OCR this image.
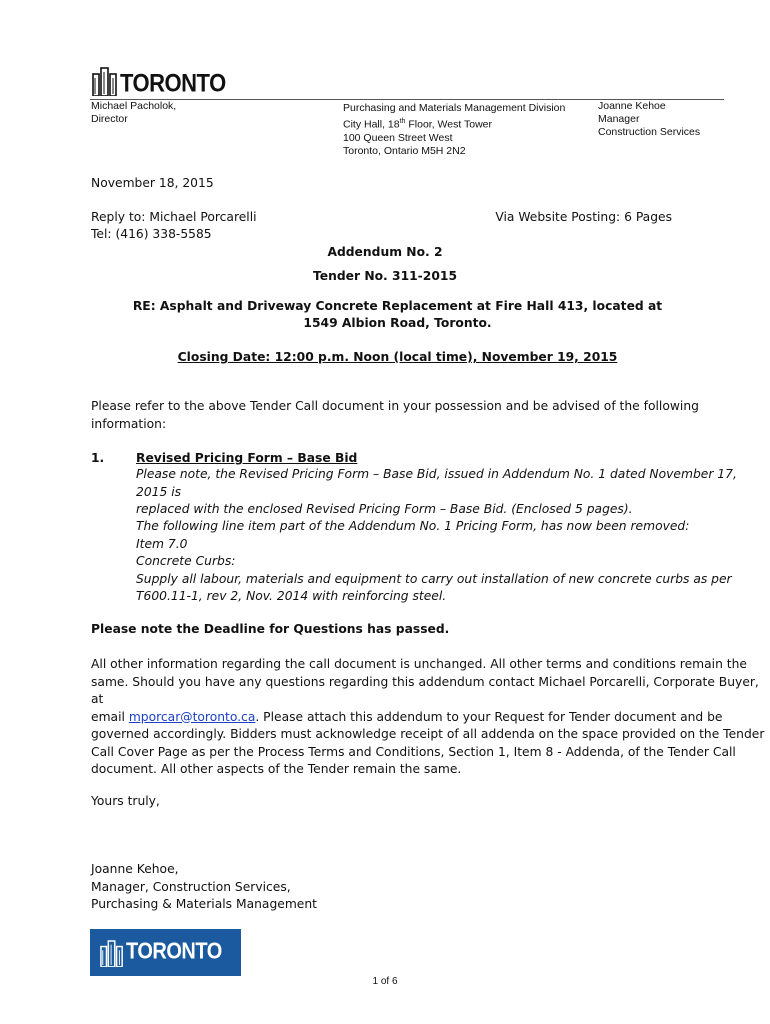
TORONTO
Michael Pacholok,
Director
Purchasing and Materials Management Division
City Hall, 18th Floor, West Tower
100 Queen Street West
Toronto, Ontario M5H 2N2
Joanne Kehoe
Manager
Construction Services
November 18, 2015
Reply to: Michael Porcarelli
Tel: (416) 338-5585
Via Website Posting: 6 Pages
Addendum No. 2
Tender No. 311-2015
RE: Asphalt and Driveway Concrete Replacement at Fire Hall 413, located at
1549 Albion Road, Toronto.
Closing Date: 12:00 p.m. Noon (local time), November 19, 2015
Please refer to the above Tender Call document in your possession and be advised of the following
information:
1.	Revised Pricing Form – Base Bid
Please note, the Revised Pricing Form – Base Bid, issued in Addendum No. 1 dated November 17, 2015 is
replaced with the enclosed Revised Pricing Form – Base Bid. (Enclosed 5 pages).
The following line item part of the Addendum No. 1 Pricing Form, has now been removed:
Item 7.0
Concrete Curbs:
Supply all labour, materials and equipment to carry out installation of new concrete curbs as per
T600.11-1, rev 2, Nov. 2014 with reinforcing steel.
Please note the Deadline for Questions has passed.
All other information regarding the call document is unchanged. All other terms and conditions remain the
same. Should you have any questions regarding this addendum contact Michael Porcarelli, Corporate Buyer, at
email mporcar@toronto.ca. Please attach this addendum to your Request for Tender document and be
governed accordingly. Bidders must acknowledge receipt of all addenda on the space provided on the Tender
Call Cover Page as per the Process Terms and Conditions, Section 1, Item 8 - Addenda, of the Tender Call
document. All other aspects of the Tender remain the same.
Yours truly,
Joanne Kehoe,
Manager, Construction Services,
Purchasing & Materials Management
TORONTO
1 of 6
